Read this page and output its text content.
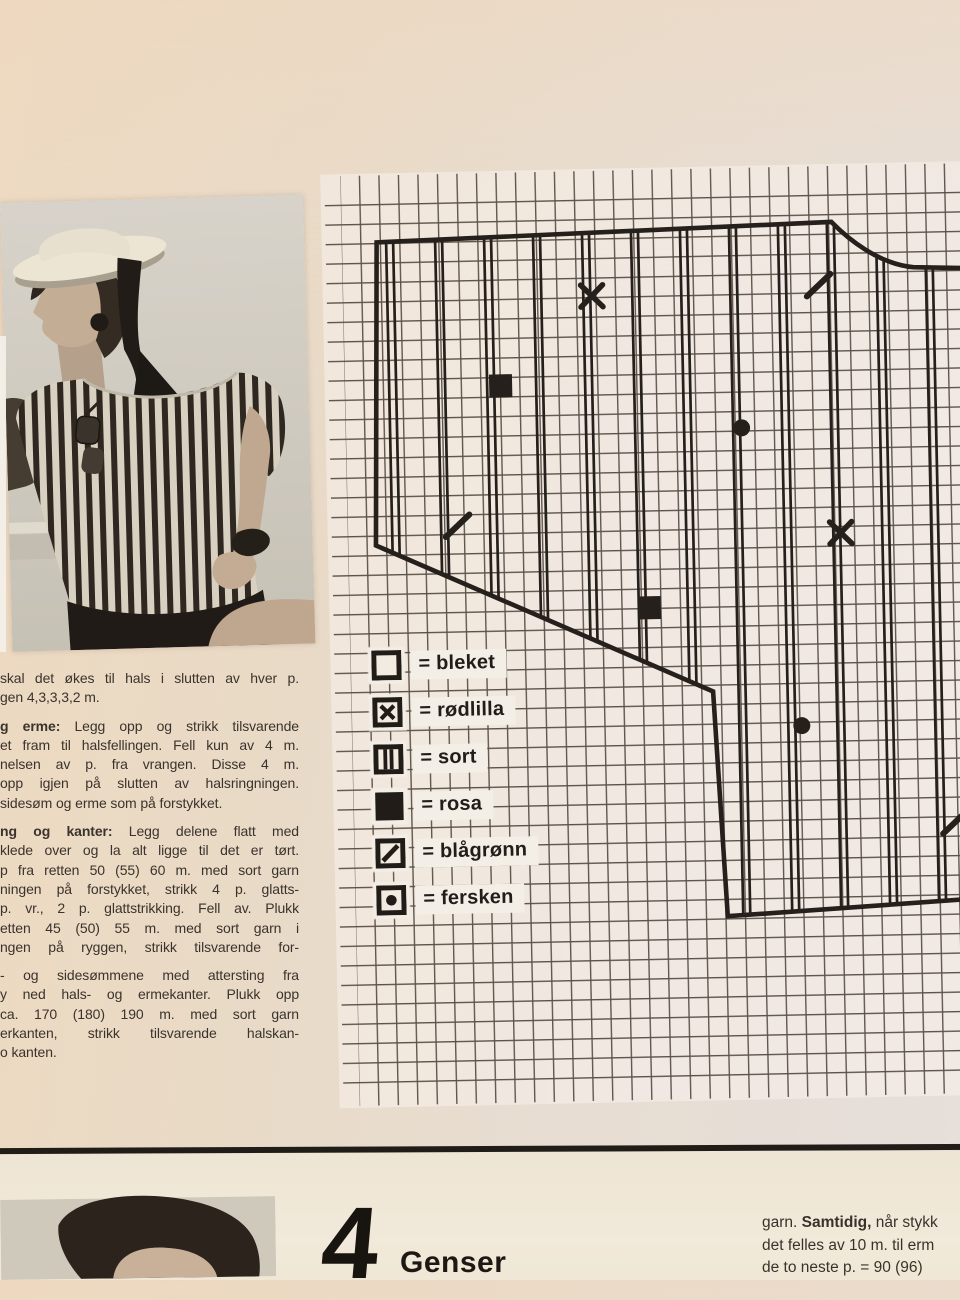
= bleket
= rødlilla
= sort
= rosa
= blågrønn
= fersken
skal det økes til hals i slutten av hver p.
gen 4,3,3,3,2 m.
g erme: Legg opp og strikk tilsvarende
et fram til halsfellingen. Fell kun av 4 m.
nelsen av p. fra vrangen. Disse 4 m.
opp igjen på slutten av halsringningen.
sidesøm og erme som på forstykket.
ng og kanter: Legg delene flatt med
klede over og la alt ligge til det er tørt.
p fra retten 50 (55) 60 m. med sort garn
ningen på forstykket, strikk 4 p. glatts-
p. vr., 2 p. glattstrikking. Fell av. Plukk
etten 45 (50) 55 m. med sort garn i
ngen på ryggen, strikk tilsvarende for-
- og sidesømmene med attersting fra
y ned hals- og ermekanter. Plukk opp
ca. 170 (180) 190 m. med sort garn
erkanten, strikk tilsvarende halskan-
o kanten.
4 Genser
garn. Samtidig, når stykk
det felles av 10 m. til erm
de to neste p. = 90 (96)
